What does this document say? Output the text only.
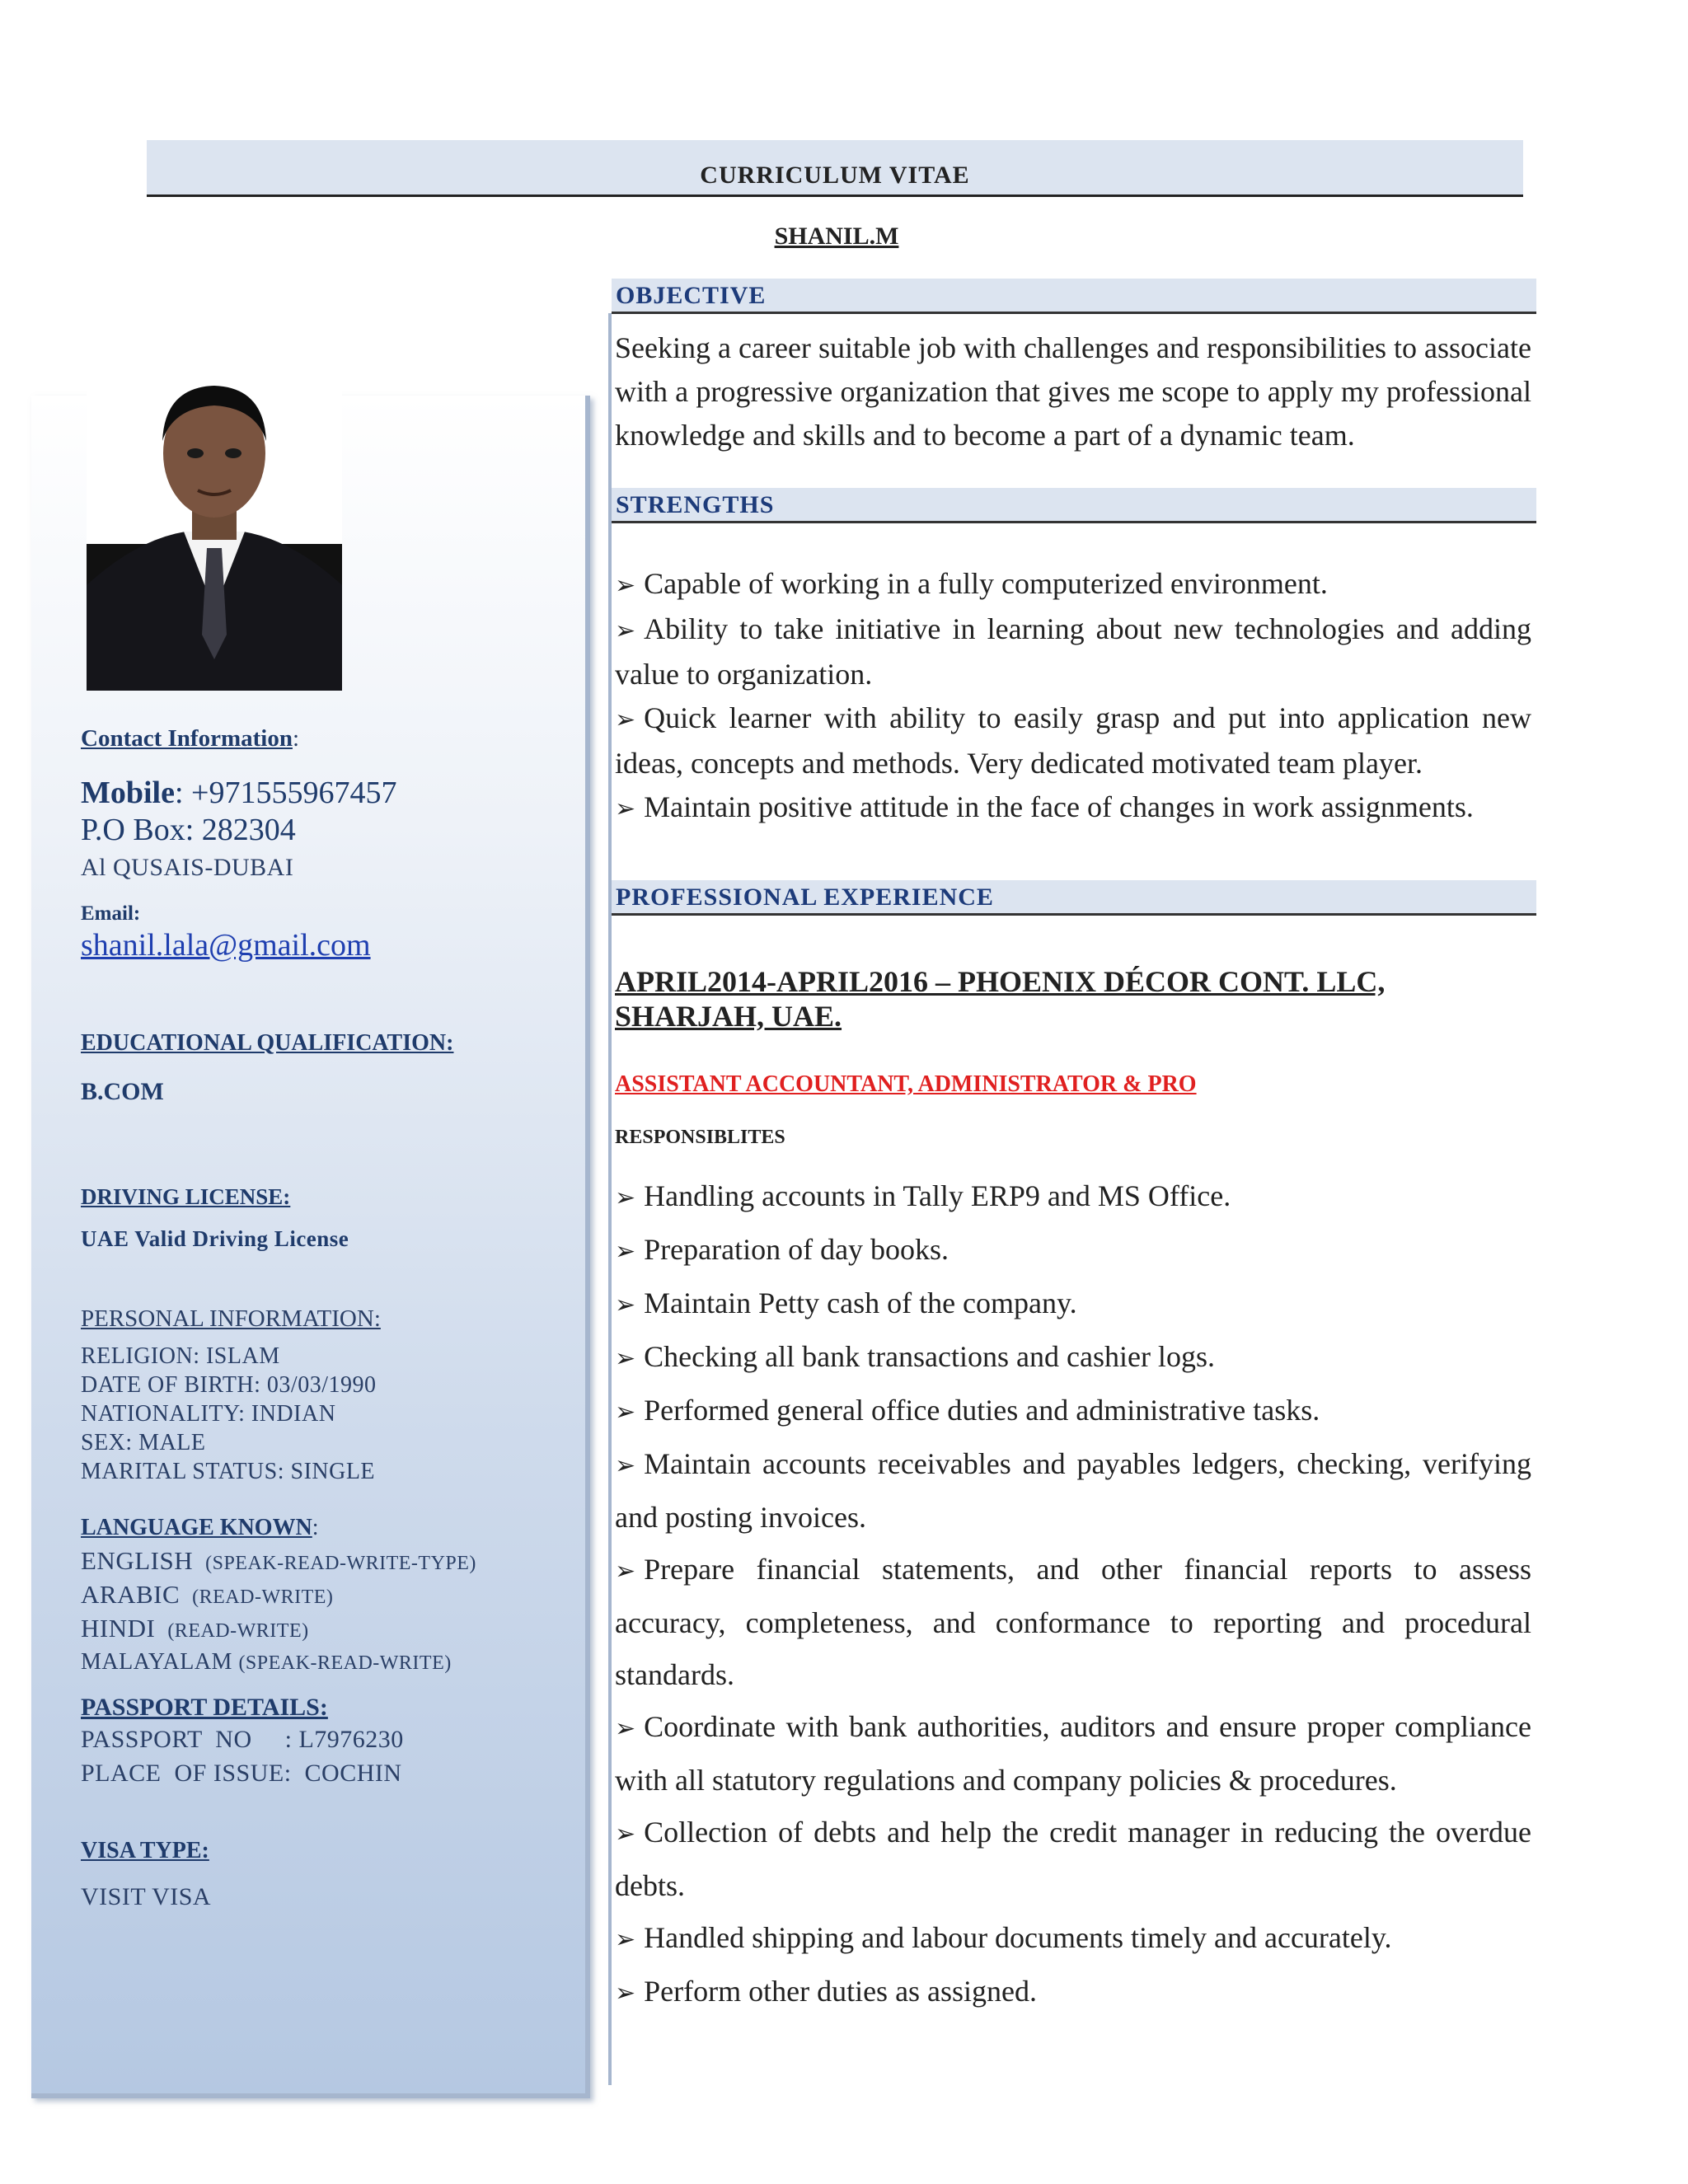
CURRICULUM VITAE
SHANIL.M
Contact Information:
Mobile: +971555967457
P.O Box: 282304
Al QUSAIS-DUBAI
Email:
shanil.lala@gmail.com
EDUCATIONAL QUALIFICATION:
B.COM
DRIVING LICENSE:
UAE Valid Driving License
PERSONAL INFORMATION:
RELIGION: ISLAM
DATE OF BIRTH: 03/03/1990
NATIONALITY: INDIAN
SEX: MALE
MARITAL STATUS: SINGLE
LANGUAGE KNOWN:
ENGLISH (SPEAK-READ-WRITE-TYPE)
ARABIC (READ-WRITE)
HINDI (READ-WRITE)
MALAYALAM (SPEAK-READ-WRITE)
PASSPORT DETAILS:
PASSPORT  NO     : L7976230
PLACE  OF ISSUE:  COCHIN
VISA TYPE:
VISIT VISA
OBJECTIVE
Seeking a career suitable job with challenges and responsibilities to associate with a progressive organization that gives me scope to apply my professional knowledge and skills and to become a part of a dynamic team.
STRENGTHS
➢ Capable of working in a fully computerized environment.
➢ Ability to take initiative in learning about new technologies and adding value to organization.
➢ Quick learner with ability to easily grasp and put into application new ideas, concepts and methods. Very dedicated motivated team player.
➢ Maintain positive attitude in the face of changes in work assignments.
PROFESSIONAL EXPERIENCE
APRIL2014-APRIL2016 – PHOENIX DÉCOR CONT. LLC,
SHARJAH, UAE.
ASSISTANT ACCOUNTANT, ADMINISTRATOR & PRO
RESPONSIBLITES
➢ Handling accounts in Tally ERP9 and MS Office.
➢ Preparation of day books.
➢ Maintain Petty cash of the company.
➢ Checking all bank transactions and cashier logs.
➢ Performed general office duties and administrative tasks.
➢ Maintain accounts receivables and payables ledgers, checking, verifying and posting invoices.
➢ Prepare financial statements, and other financial reports to assess accuracy, completeness, and conformance to reporting and procedural standards.
➢ Coordinate with bank authorities, auditors and ensure proper compliance with all statutory regulations and company policies & procedures.
➢ Collection of debts and help the credit manager in reducing the overdue debts.
➢ Handled shipping and labour documents timely and accurately.
➢ Perform other duties as assigned.
